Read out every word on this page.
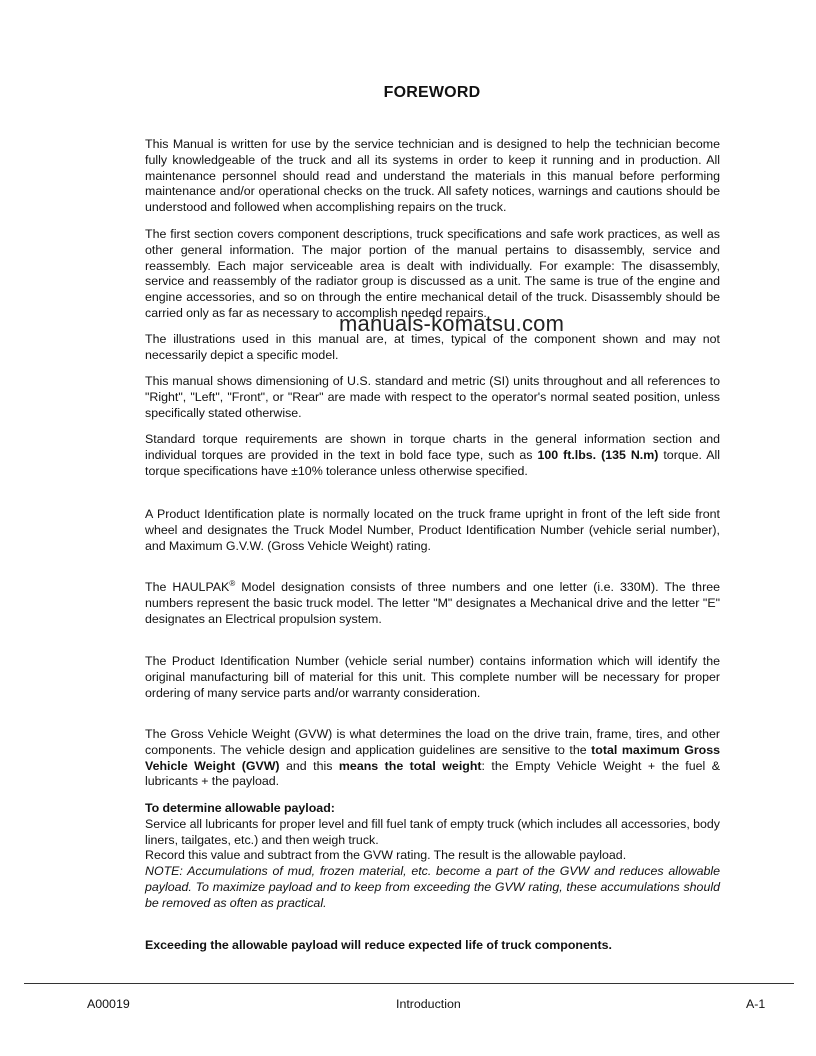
FOREWORD

This Manual is written for use by the service technician and is designed to help the technician become fully knowledgeable of the truck and all its systems in order to keep it running and in production. All maintenance personnel should read and understand the materials in this manual before performing maintenance and/or operational checks on the truck. All safety notices, warnings and cautions should be understood and followed when accomplishing repairs on the truck.

The first section covers component descriptions, truck specifications and safe work practices, as well as other general information. The major portion of the manual pertains to disassembly, service and reassembly. Each major serviceable area is dealt with individually. For example: The disassembly, service and reassembly of the radiator group is discussed as a unit. The same is true of the engine and engine accessories, and so on through the entire mechanical detail of the truck. Disassembly should be carried only as far as necessary to accomplish needed repairs.

manuals-komatsu.com

The illustrations used in this manual are, at times, typical of the component shown and may not necessarily depict a specific model.

This manual shows dimensioning of U.S. standard and metric (SI) units throughout and all references to "Right", "Left", "Front", or "Rear" are made with respect to the operator's normal seated position, unless specifically stated otherwise.

Standard torque requirements are shown in torque charts in the general information section and individual torques are provided in the text in bold face type, such as 100 ft.lbs. (135 N.m) torque. All torque specifications have ±10% tolerance unless otherwise specified.

A Product Identification plate is normally located on the truck frame upright in front of the left side front wheel and designates the Truck Model Number, Product Identification Number (vehicle serial number), and Maximum G.V.W. (Gross Vehicle Weight) rating.

The HAULPAK® Model designation consists of three numbers and one letter (i.e. 330M). The three numbers represent the basic truck model. The letter "M" designates a Mechanical drive and the letter "E" designates an Electrical propulsion system.

The Product Identification Number (vehicle serial number) contains information which will identify the original manufacturing bill of material for this unit. This complete number will be necessary for proper ordering of many service parts and/or warranty consideration.

The Gross Vehicle Weight (GVW) is what determines the load on the drive train, frame, tires, and other components. The vehicle design and application guidelines are sensitive to the total maximum Gross Vehicle Weight (GVW) and this means the total weight: the Empty Vehicle Weight + the fuel & lubricants + the payload.

To determine allowable payload:

Service all lubricants for proper level and fill fuel tank of empty truck (which includes all accessories, body liners, tailgates, etc.) and then weigh truck.

Record this value and subtract from the GVW rating. The result is the allowable payload.

NOTE: Accumulations of mud, frozen material, etc. become a part of the GVW and reduces allowable payload. To maximize payload and to keep from exceeding the GVW rating, these accumulations should be removed as often as practical.

Exceeding the allowable payload will reduce expected life of truck components.

A00019	Introduction	A-1
